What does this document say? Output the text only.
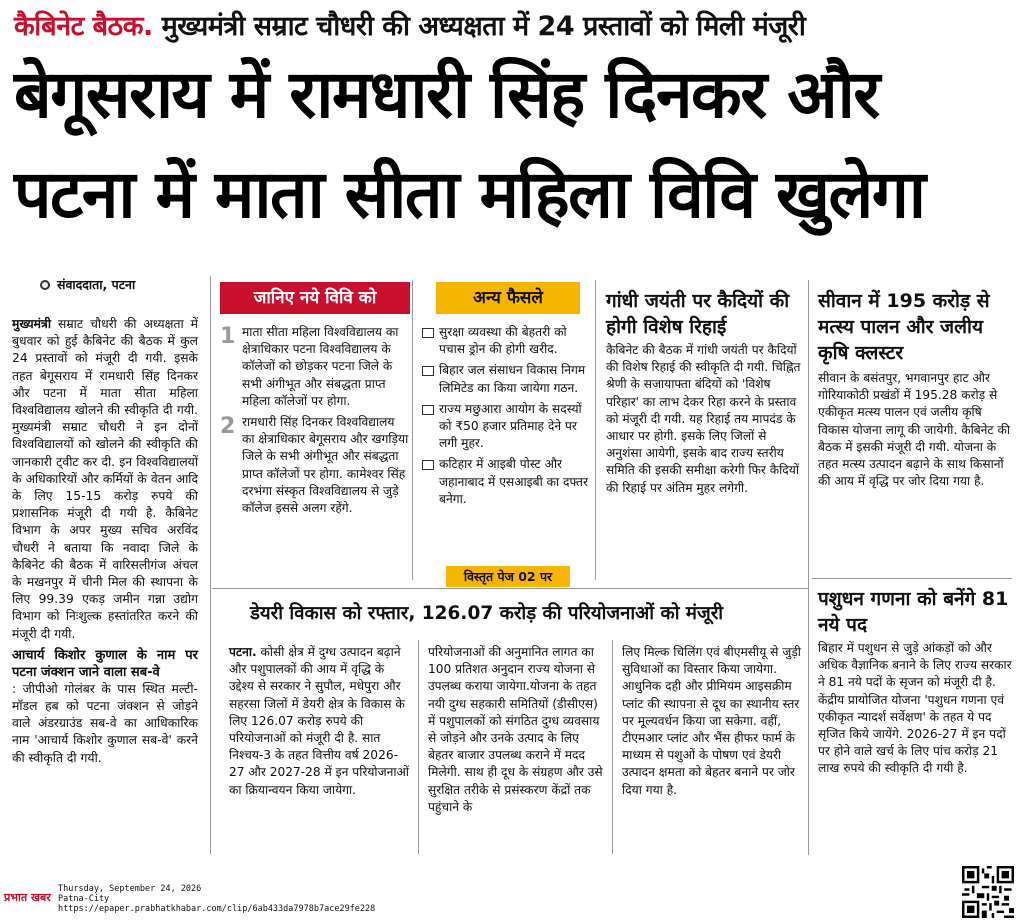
कैबिनेट बैठक. मुख्यमंत्री सम्राट चौधरी की अध्यक्षता में 24 प्रस्तावों को मिली मंजूरी
बेगूसराय में रामधारी सिंह दिनकर और
पटना में माता सीता महिला विवि खुलेगा
संवाददाता, पटना
मुख्यमंत्री सम्राट चौधरी की अध्यक्षता में बुधवार को हुई कैबिनेट की बैठक में कुल 24 प्रस्तावों को मंजूरी दी गयी. इसके तहत बेगूसराय में रामधारी सिंह दिनकर और पटना में माता सीता महिला विश्वविद्यालय खोलने की स्वीकृति दी गयी. मुख्यमंत्री सम्राट चौधरी ने इन दोनों विश्वविद्यालयों को खोलने की स्वीकृति की जानकारी ट्वीट कर दी. इन विश्वविद्यालयों के अधिकारियों और कर्मियों के वेतन आदि के लिए 15-15 करोड़ रुपये की प्रशासनिक मंजूरी दी गयी है. कैबिनेट विभाग के अपर मुख्य सचिव अरविंद चौधरी ने बताया कि नवादा जिले के कैबिनेट की बैठक में वारिसलीगंज अंचल के मखनपुर में चीनी मिल की स्थापना के लिए 99.39 एकड़ जमीन गन्ना उद्योग विभाग को निःशुल्क हस्तांतरित करने की मंजूरी दी गयी.
आचार्य किशोर कुणाल के नाम पर पटना जंक्शन जाने वाला सब-वे
: जीपीओ गोलंबर के पास स्थित मल्टी-मॉडल हब को पटना जंक्शन से जोड़ने वाले अंडरग्राउंड सब-वे का आधिकारिक नाम 'आचार्य किशोर कुणाल सब-वे' करने की स्वीकृति दी गयी.
जानिए नये विवि को
1 माता सीता महिला विश्वविद्यालय का क्षेत्राधिकार पटना विश्वविद्यालय के कॉलेजों को छोड़कर पटना जिले के सभी अंगीभूत और संबद्धता प्राप्त महिला कॉलेजों पर होगा.
2 रामधारी सिंह दिनकर विश्वविद्यालय का क्षेत्राधिकार बेगूसराय और खगड़िया जिले के सभी अंगीभूत और संबद्धता प्राप्त कॉलेजों पर होगा. कामेश्वर सिंह दरभंगा संस्कृत विश्वविद्यालय से जुड़े कॉलेज इससे अलग रहेंगे.
अन्य फैसले
सुरक्षा व्यवस्था की बेहतरी को पचास ड्रोन की होगी खरीद.
बिहार जल संसाधन विकास निगम लिमिटेड का किया जायेगा गठन.
राज्य मछुआरा आयोग के सदस्यों को ₹50 हजार प्रतिमाह देने पर लगी मुहर.
कटिहार में आइबी पोस्ट और जहानाबाद में एसआइबी का दफ्तर बनेगा.
विस्तृत पेज 02 पर
गांधी जयंती पर कैदियों की होगी विशेष रिहाई
कैबिनेट की बैठक में गांधी जयंती पर कैदियों की विशेष रिहाई की स्वीकृति दी गयी. चिह्नित श्रेणी के सजायाफ्ता बंदियों को 'विशेष परिहार' का लाभ देकर रिहा करने के प्रस्ताव को मंजूरी दी गयी. यह रिहाई तय मापदंड के आधार पर होगी. इसके लिए जिलों से अनुशंसा आयेगी, इसके बाद राज्य स्तरीय समिति की इसकी समीक्षा करेगी फिर कैदियों की रिहाई पर अंतिम मुहर लगेगी.
सीवान में 195 करोड़ से मत्स्य पालन और जलीय कृषि क्लस्टर
सीवान के बसंतपुर, भगवानपुर हाट और गोरियाकोठी प्रखंडों में 195.28 करोड़ से एकीकृत मत्स्य पालन एवं जलीय कृषि विकास योजना लागू की जायेगी. कैबिनेट की बैठक में इसकी मंजूरी दी गयी. योजना के तहत मत्स्य उत्पादन बढ़ाने के साथ किसानों की आय में वृद्धि पर जोर दिया गया है.
पशुधन गणना को बनेंगे 81 नये पद
बिहार में पशुधन से जुड़े आंकड़ों को और अधिक वैज्ञानिक बनाने के लिए राज्य सरकार ने 81 नये पदों के सृजन को मंजूरी दी है. केंद्रीय प्रायोजित योजना 'पशुधन गणना एवं एकीकृत न्यादर्श सर्वेक्षण' के तहत ये पद सृजित किये जायेंगे. 2026-27 में इन पदों पर होने वाले खर्च के लिए पांच करोड़ 21 लाख रुपये की स्वीकृति दी गयी है.
डेयरी विकास को रफ्तार, 126.07 करोड़ की परियोजनाओं को मंजूरी
पटना. कोसी क्षेत्र में दुग्ध उत्पादन बढ़ाने और पशुपालकों की आय में वृद्धि के उद्देश्य से सरकार ने सुपौल, मधेपुरा और सहरसा जिलों में डेयरी क्षेत्र के विकास के लिए 126.07 करोड़ रुपये की परियोजनाओं को मंजूरी दी है. सात निश्चय-3 के तहत वित्तीय वर्ष 2026-27 और 2027-28 में इन परियोजनाओं का क्रियान्वयन किया जायेगा.
परियोजनाओं की अनुमानित लागत का 100 प्रतिशत अनुदान राज्य योजना से उपलब्ध कराया जायेगा.योजना के तहत नयी दुग्ध सहकारी समितियों (डीसीएस) में पशुपालकों को संगठित दुग्ध व्यवसाय से जोड़ने और उनके उत्पाद के लिए बेहतर बाजार उपलब्ध कराने में मदद मिलेगी. साथ ही दूध के संग्रहण और उसे सुरक्षित तरीके से प्रसंस्करण केंद्रों तक पहुंचाने के
लिए मिल्क चिलिंग एवं बीएमसीयू से जुड़ी सुविधाओं का विस्तार किया जायेगा. आधुनिक दही और प्रीमियम आइसक्रीम प्लांट की स्थापना से दूध का स्थानीय स्तर पर मूल्यवर्धन किया जा सकेगा. वहीं, टीएमआर प्लांट और भैंस हीफर फार्म के माध्यम से पशुओं के पोषण एवं डेयरी उत्पादन क्षमता को बेहतर बनाने पर जोर दिया गया है.
प्रभात खबर
Thursday, September 24, 2026
Patna-City
https://epaper.prabhatkhabar.com/clip/6ab433da7978b7ace29fe228
